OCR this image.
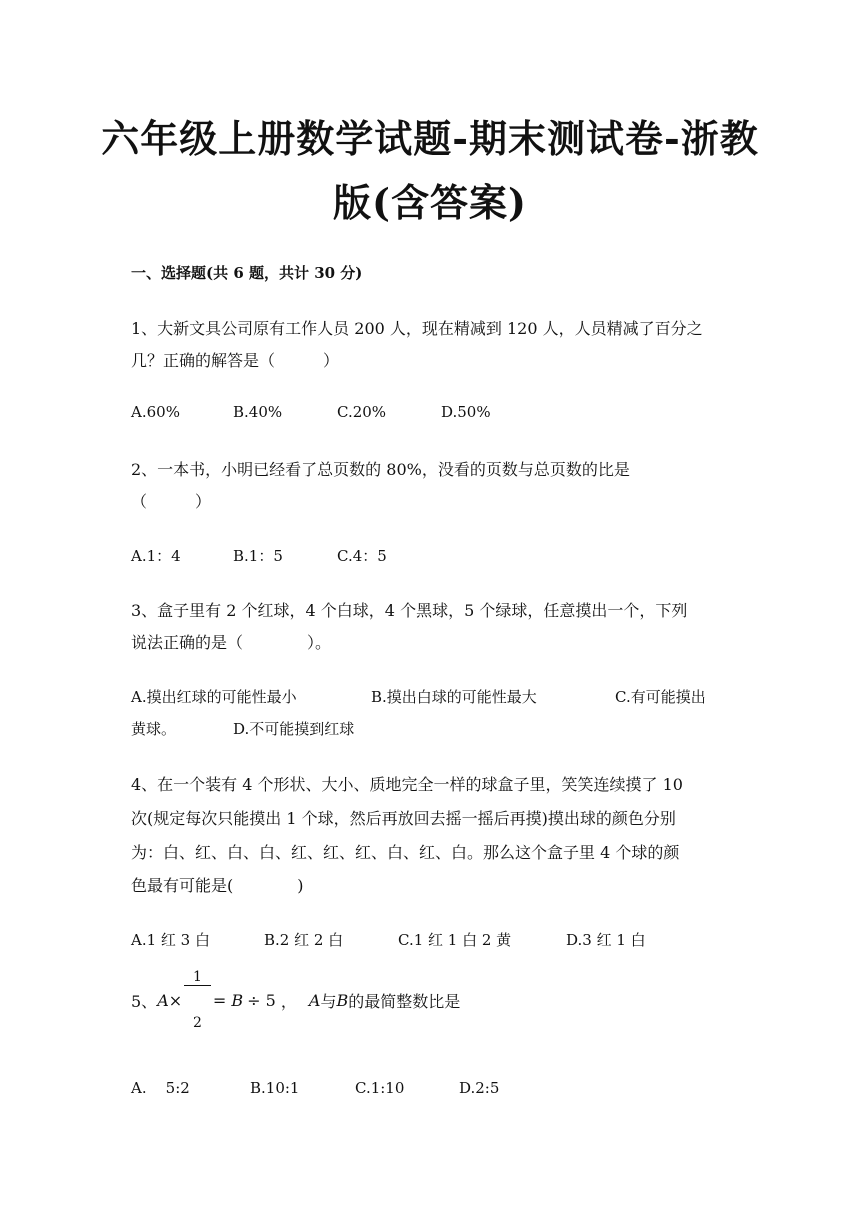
六年级上册数学试题-期末测试卷-浙教
版(含答案)
一、选择题(共 6 题，共计 30 分)
1、大新文具公司原有工作人员 200 人，现在精减到 120 人，人员精减了百分之
几？正确的解答是（　　　）
A.60%	B.40%	C.20%	D.50%
2、一本书，小明已经看了总页数的 80%，没看的页数与总页数的比是
（　　　）
A.1：4	B.1：5	C.4：5
3、盒子里有 2 个红球，4 个白球，4 个黑球，5 个绿球，任意摸出一个，下列
说法正确的是（　　　　）。
A.摸出红球的可能性最小	B.摸出白球的可能性最大	C.有可能摸出
黄球。	D.不可能摸到红球
4、在一个装有 4 个形状、大小、质地完全一样的球盒子里，笑笑连续摸了 10
次(规定每次只能摸出 1 个球，然后再放回去摇一摇后再摸)摸出球的颜色分别
为：白、红、白、白、红、红、红、白、红、白。那么这个盒子里 4 个球的颜
色最有可能是(　　　　)
A.1 红 3 白	B.2 红 2 白	C.1 红 1 白 2 黄	D.3 红 1 白
5、 A ×

$\frac{1}{2}$

= B ÷ 5 ， A 与 B 的最简整数比是
A.    5:2	B.10:1	C.1:10	D.2:5
